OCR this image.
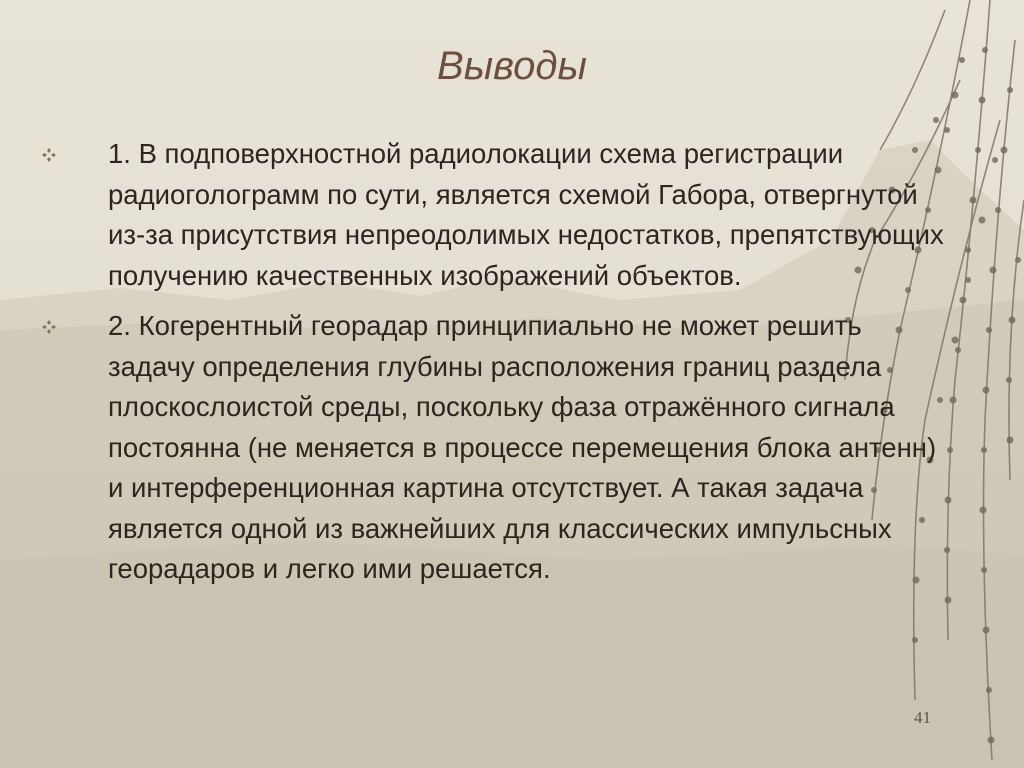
Выводы
1. В подповерхностной радиолокации схема регистрации радиоголограмм по сути, является схемой Габора, отвергнутой из-за присутствия непреодолимых недостатков, препятствующих получению качественных изображений объектов.
2. Когерентный георадар принципиально не может решить задачу определения глубины расположения границ раздела плоскослоистой среды, поскольку фаза отражённого сигнала постоянна (не меняется в процессе перемещения блока антенн) и интерференционная картина отсутствует. А такая задача является одной из важнейших для классических импульсных георадаров и легко ими решается.
41
